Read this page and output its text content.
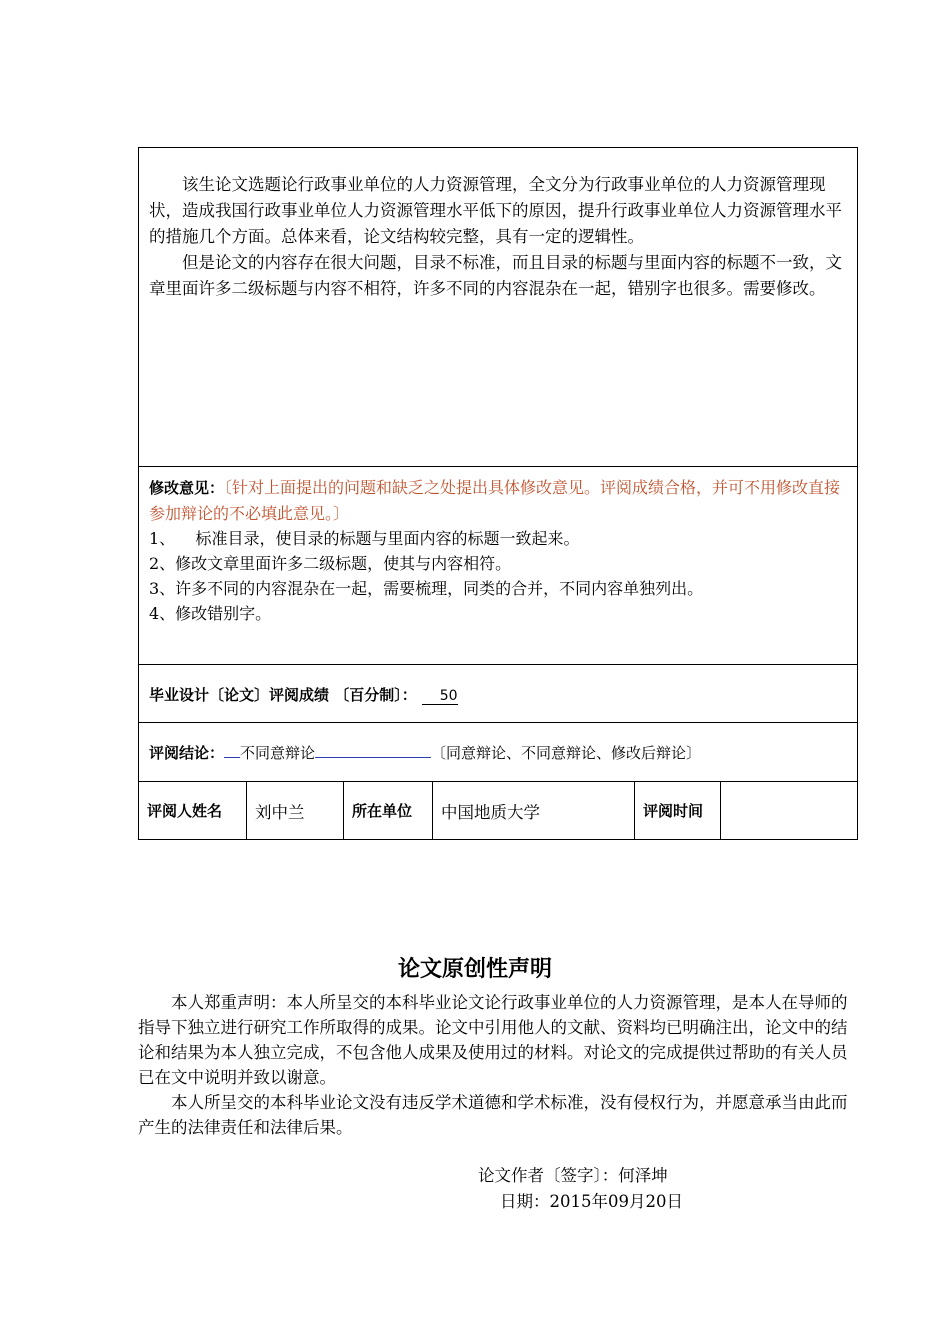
该生论文选题论行政事业单位的人力资源管理，全文分为行政事业单位的人力资源管理现状，造成我国行政事业单位人力资源管理水平低下的原因，提升行政事业单位人力资源管理水平的措施几个方面。总体来看，论文结构较完整，具有一定的逻辑性。

但是论文的内容存在很大问题，目录不标准，而且目录的标题与里面内容的标题不一致，文章里面许多二级标题与内容不相符，许多不同的内容混杂在一起，错别字也很多。需要修改。

修改意见：〔针对上面提出的问题和缺乏之处提出具体修改意见。评阅成绩合格，并可不用修改直接参加辩论的不必填此意见。〕
1、    标准目录，使目录的标题与里面内容的标题一致起来。
2、修改文章里面许多二级标题，使其与内容相符。
3、许多不同的内容混杂在一起，需要梳理，同类的合并，不同内容单独列出。
4、修改错别字。
毕业设计〔论文〕评阅成绩 〔百分制〕： 50
评阅结论： 不同意辩论	〔同意辩论、不同意辩论、修改后辩论〕
评阅人姓名 刘中兰	所在单位 中国地质大学	评阅时间
论文原创性声明

本人郑重声明：本人所呈交的本科毕业论文论行政事业单位的人力资源管理，是本人在导师的指导下独立进行研究工作所取得的成果。论文中引用他人的文献、资料均已明确注出，论文中的结论和结果为本人独立完成，不包含他人成果及使用过的材料。对论文的完成提供过帮助的有关人员已在文中说明并致以谢意。

本人所呈交的本科毕业论文没有违反学术道德和学术标准，没有侵权行为，并愿意承当由此而产生的法律责任和法律后果。

论文作者〔签字〕：何泽坤
日期：2015年09月20日
